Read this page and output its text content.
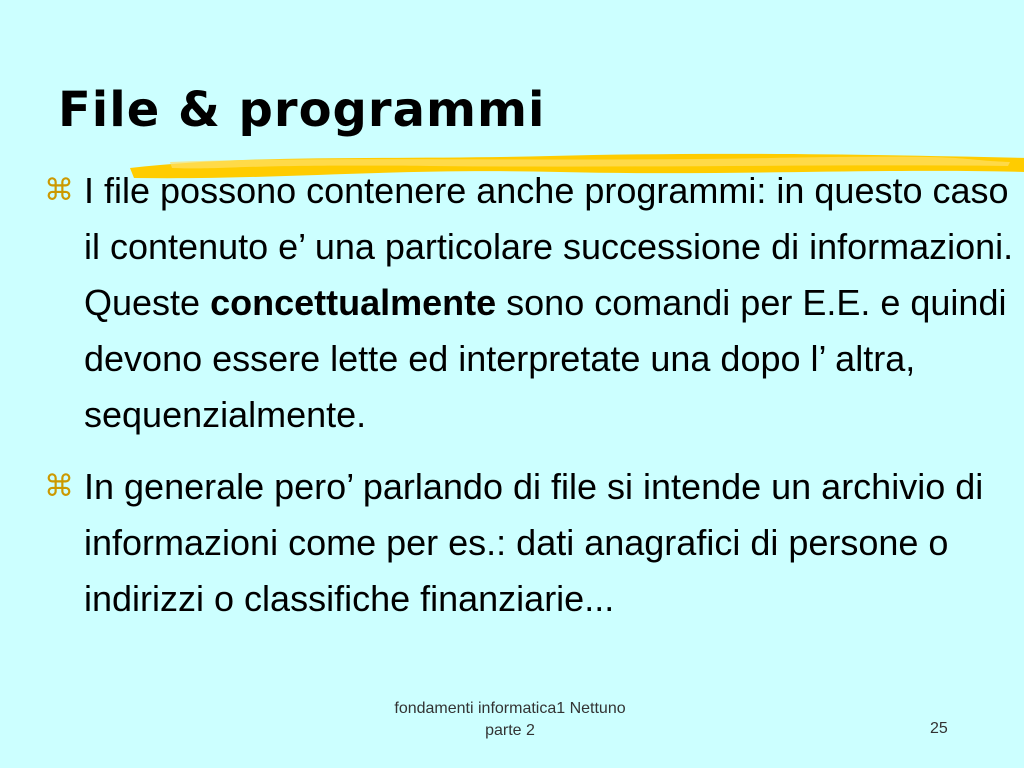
File & programmi
⌘ I file possono contenere anche programmi: in questo caso il contenuto e’ una particolare successione di informazioni. Queste concettualmente sono comandi per E.E. e quindi devono essere lette ed interpretate una dopo l’ altra, sequenzialmente.
⌘ In generale pero’ parlando di file si intende un archivio di informazioni come per es.: dati anagrafici di persone o indirizzi o classifiche finanziarie...
fondamenti informatica1 Nettuno
parte 2	25
